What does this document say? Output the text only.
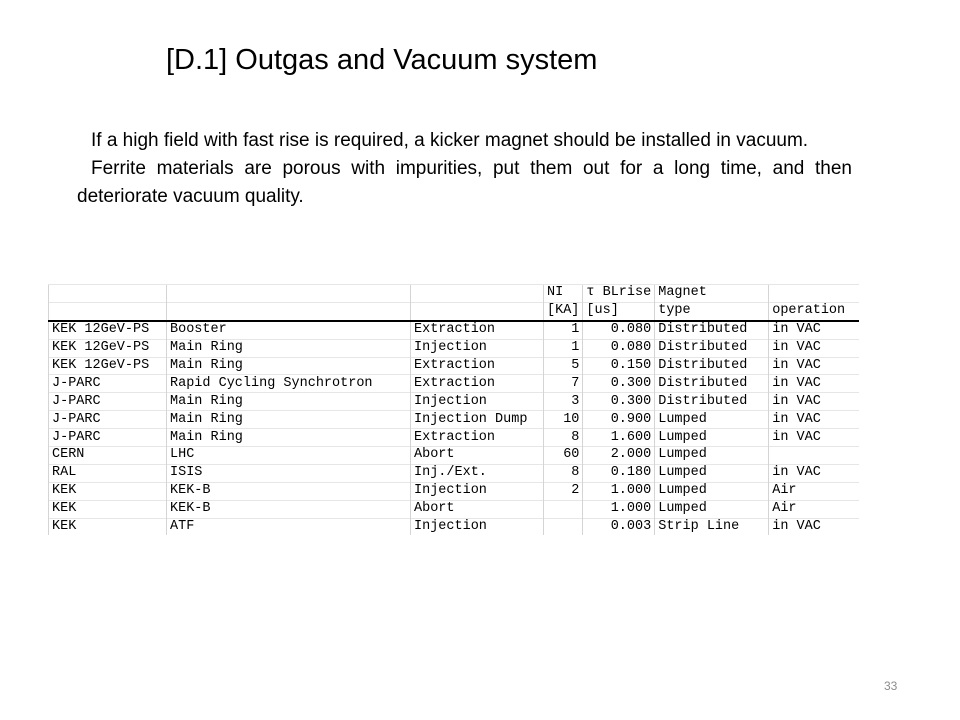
[D.1] Outgas and Vacuum system

If a high field with fast rise is required, a kicker magnet should be installed in vacuum.

Ferrite materials are porous with impurities, put them out for a long time, and then deteriorate vacuum quality.

			NI	τ BLrise	Magnet	
			[KA]	[us]	type	operation
KEK 12GeV-PS	Booster	Extraction	1	0.080	Distributed	in VAC
KEK 12GeV-PS	Main Ring	Injection	1	0.080	Distributed	in VAC
KEK 12GeV-PS	Main Ring	Extraction	5	0.150	Distributed	in VAC
J-PARC	Rapid Cycling Synchrotron	Extraction	7	0.300	Distributed	in VAC
J-PARC	Main Ring	Injection	3	0.300	Distributed	in VAC
J-PARC	Main Ring	Injection Dump	10	0.900	Lumped	in VAC
J-PARC	Main Ring	Extraction	8	1.600	Lumped	in VAC
CERN	LHC	Abort	60	2.000	Lumped	
RAL	ISIS	Inj./Ext.	8	0.180	Lumped	in VAC
KEK	KEK-B	Injection	2	1.000	Lumped	Air
KEK	KEK-B	Abort		1.000	Lumped	Air
KEK	ATF	Injection		0.003	Strip Line	in VAC
33
